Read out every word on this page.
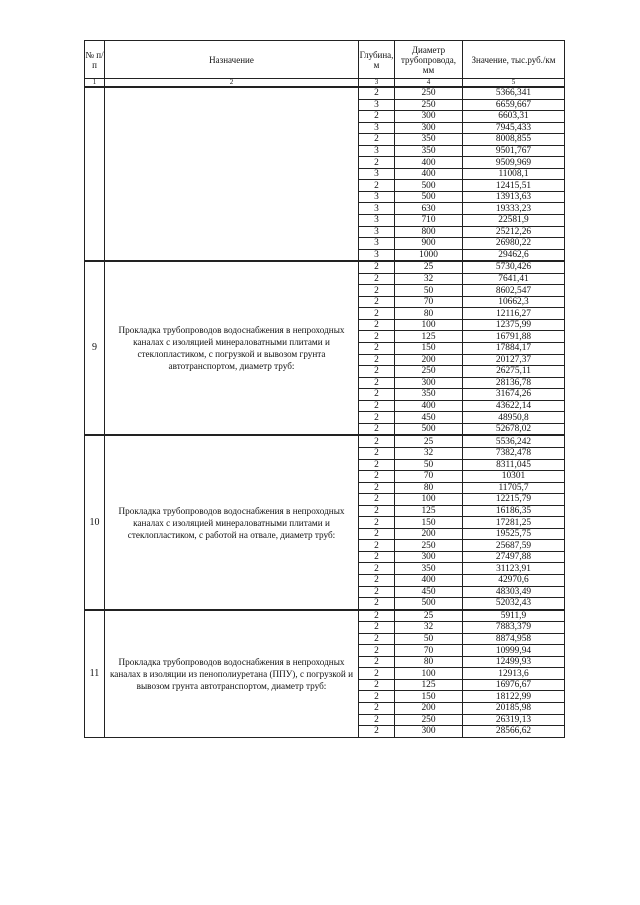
№ п/п	Назначение	Глубина, м	Диаметр трубопровода, мм	Значение, тыс.руб./км
1	2	3	4	5
		2	250	5366,341
		3	250	6659,667
		2	300	6603,31
		3	300	7945,433
		2	350	8008,855
		3	350	9501,767
		2	400	9509,969
		3	400	11008,1
		2	500	12415,51
		3	500	13913,63
		3	630	19333,23
		3	710	22581,9
		3	800	25212,26
		3	900	26980,22
		3	1000	29462,6
9	Прокладка трубопроводов водоснабжения в непроходных каналах с изоляцией минераловатными плитами и стеклопластиком, с погрузкой и вывозом грунта автотранспортом, диаметр труб:	2	25	5730,426
		2	32	7641,41
		2	50	8602,547
		2	70	10662,3
		2	80	12116,27
		2	100	12375,99
		2	125	16791,88
		2	150	17884,17
		2	200	20127,37
		2	250	26275,11
		2	300	28136,78
		2	350	31674,26
		2	400	43622,14
		2	450	48950,8
		2	500	52678,02
10	Прокладка трубопроводов водоснабжения в непроходных каналах с изоляцией минераловатными плитами и стеклопластиком, с работой на отвале, диаметр труб:	2	25	5536,242
		2	32	7382,478
		2	50	8311,045
		2	70	10301
		2	80	11705,7
		2	100	12215,79
		2	125	16186,35
		2	150	17281,25
		2	200	19525,75
		2	250	25687,59
		2	300	27497,88
		2	350	31123,91
		2	400	42970,6
		2	450	48303,49
		2	500	52032,43
11	Прокладка трубопроводов водоснабжения в непроходных каналах в изоляции из пенополиуретана (ППУ), с погрузкой и вывозом грунта автотранспортом, диаметр труб:	2	25	5911,9
		2	32	7883,379
		2	50	8874,958
		2	70	10999,94
		2	80	12499,93
		2	100	12913,6
		2	125	16976,67
		2	150	18122,99
		2	200	20185,98
		2	250	26319,13
		2	300	28566,62
